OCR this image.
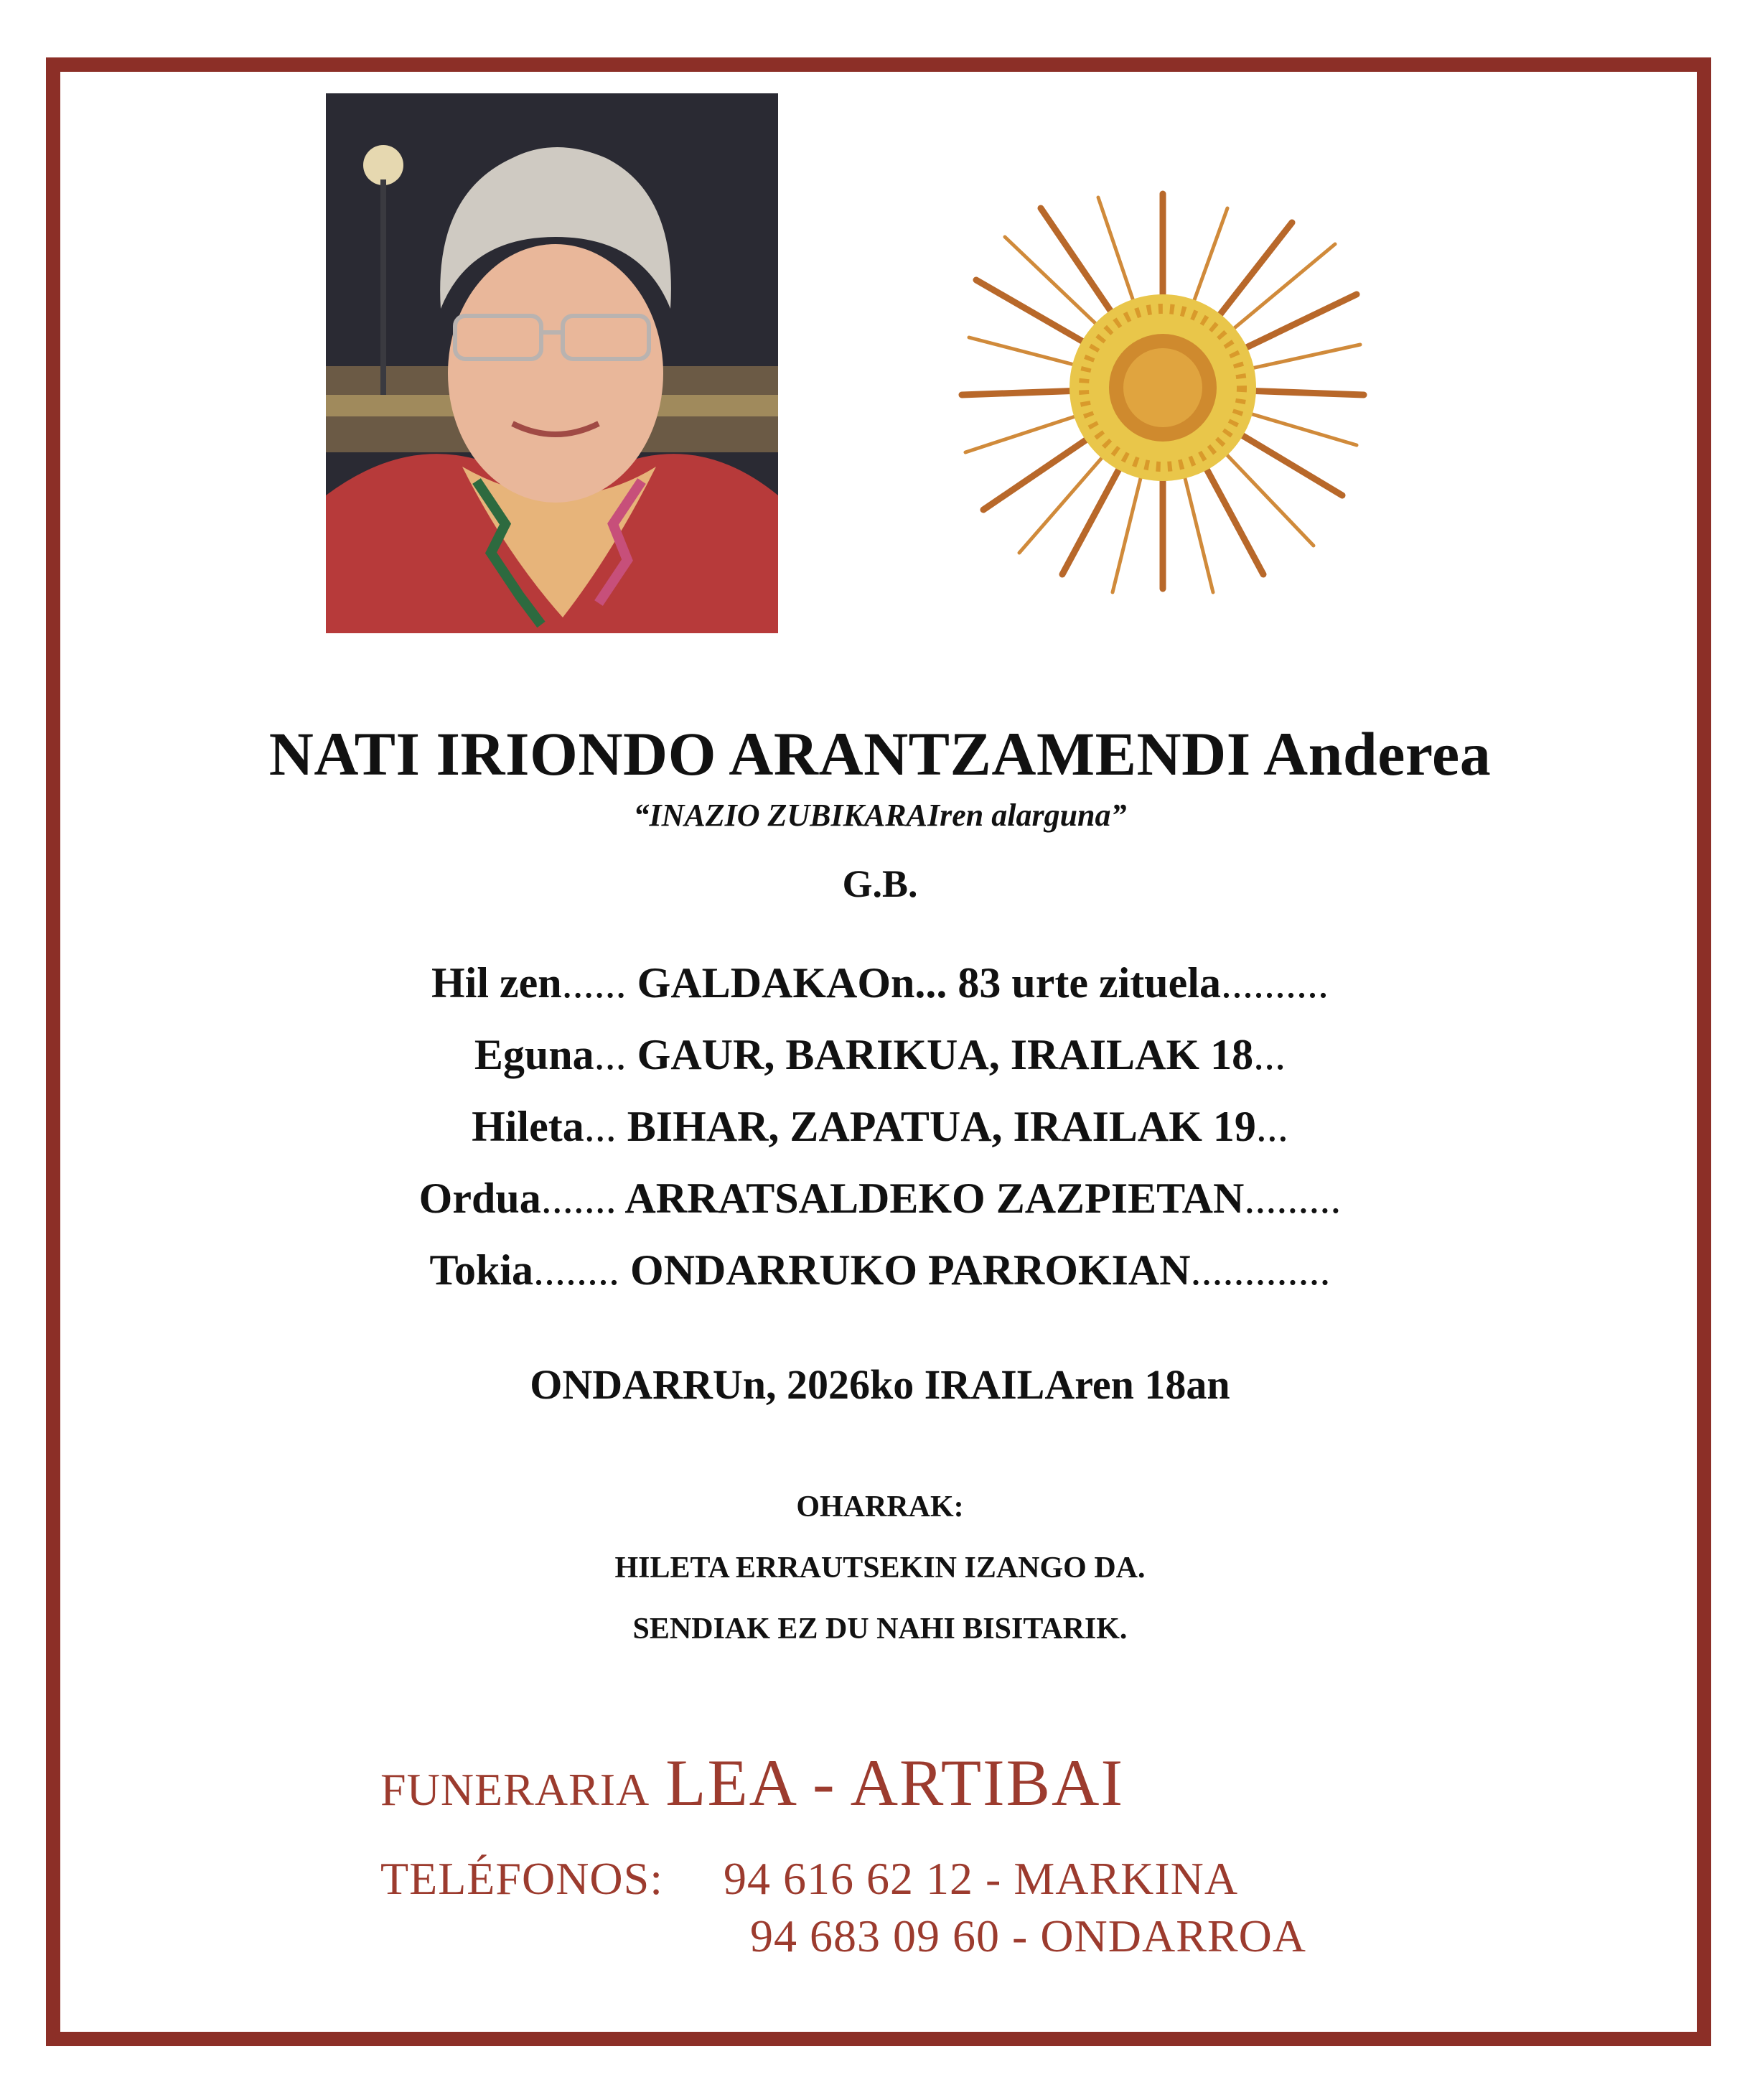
NATI IRIONDO ARANTZAMENDI Anderea
“INAZIO ZUBIKARAIren alarguna”
G.B.
Hil zen...... GALDAKAOn... 83 urte zituela..........
Eguna... GAUR, BARIKUA, IRAILAK 18...
Hileta... BIHAR, ZAPATUA, IRAILAK 19...
Ordua....... ARRATSALDEKO ZAZPIETAN.........
Tokia........ ONDARRUKO PARROKIAN.............
ONDARRUn, 2026ko IRAILAren 18an
OHARRAK:
HILETA ERRAUTSEKIN IZANGO DA.
SENDIAK EZ DU NAHI BISITARIK.
FUNERARIA LEA - ARTIBAI
TELÉFONOS: 94 616 62 12 - MARKINA
94 683 09 60 - ONDARROA
